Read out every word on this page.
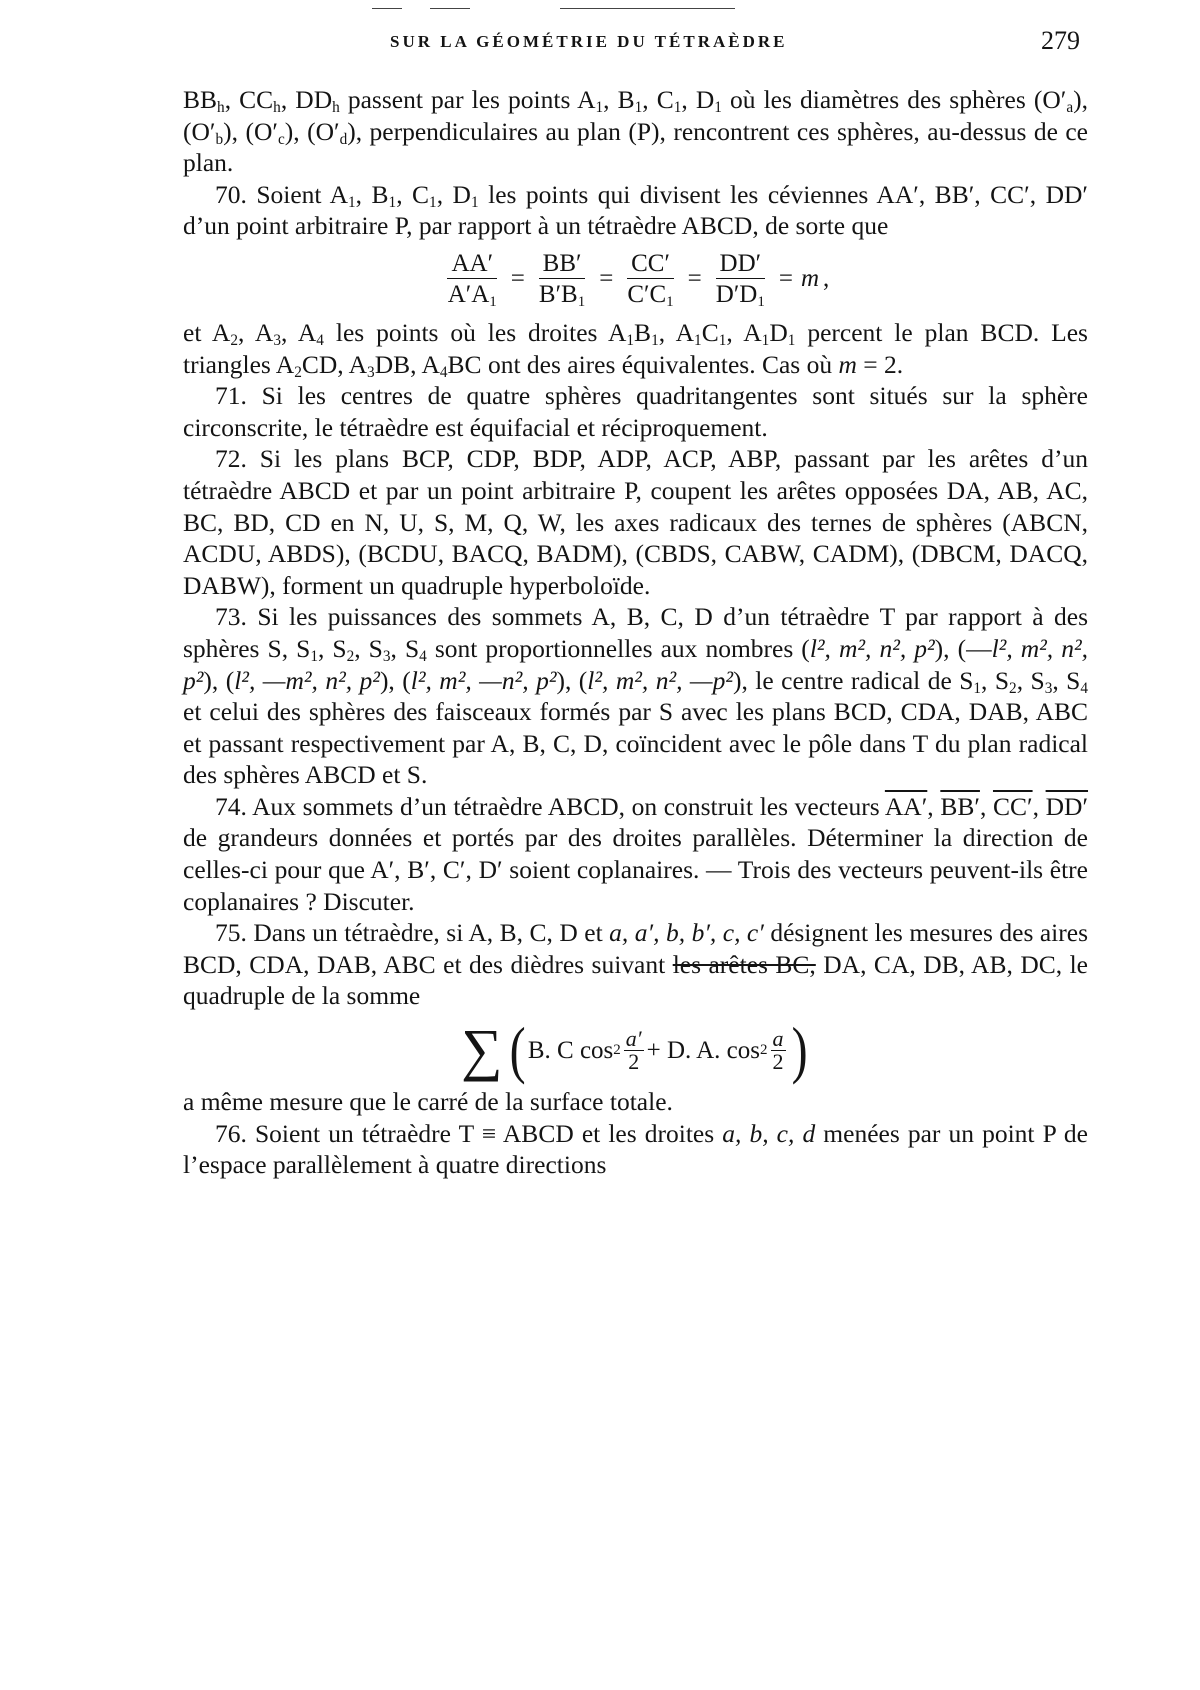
SUR LA GÉOMÉTRIE DU TÉTRAÈDRE	279

$BB_h$, $CC_h$, $DD_h$ passent par les points $A_1$, $B_1$, $C_1$, $D_1$ où les diamètres des sphères $(O'_a)$, $(O'_b)$, $(O'_c)$, $(O'_d)$, perpendiculaires au plan (P), rencontrent ces sphères, au-dessus de ce plan.

70. Soient $A_1$, $B_1$, $C_1$, $D_1$ les points qui divisent les céviennes AA′, BB′, CC′, DD′ d’un point arbitraire P, par rapport à un tétraèdre ABCD, de sorte que

$\frac{AA'}{A'A_1} = \frac{BB'}{B'B_1} = \frac{CC'}{C'C_1} = \frac{DD'}{D'D_1} = m$ ,

et $A_2$, $A_3$, $A_4$ les points où les droites $A_1B_1$, $A_1C_1$, $A_1D_1$ percent le plan BCD. Les triangles $A_2CD$, $A_3DB$, $A_4BC$ ont des aires équivalentes. Cas où m = 2.

71. Si les centres de quatre sphères quadritangentes sont situés sur la sphère circonscrite, le tétraèdre est équifacial et réciproquement.

72. Si les plans BCP, CDP, BDP, ADP, ACP, ABP, passant par les arêtes d’un tétraèdre ABCD et par un point arbitraire P, coupent les arêtes opposées DA, AB, AC, BC, BD, CD en N, U, S, M, Q, W, les axes radicaux des ternes de sphères (ABCN, ACDU, ABDS), (BCDU, BACQ, BADM), (CBDS, CABW, CADM), (DBCM, DACQ, DABW), forment un quadruple hyperboloïde.

73. Si les puissances des sommets A, B, C, D d’un tétraèdre T par rapport à des sphères S, $S_1$, $S_2$, $S_3$, $S_4$ sont proportionnelles aux nombres (l², m², n², p²), (—l², m², n², p²), (l², —m², n², p²), (l², m², —n², p²), (l², m², n², —p²), le centre radical de $S_1$, $S_2$, $S_3$, $S_4$ et celui des sphères des faisceaux formés par S avec les plans BCD, CDA, DAB, ABC et passant respectivement par A, B, C, D, coïncident avec le pôle dans T du plan radical des sphères ABCD et S.

74. Aux sommets d’un tétraèdre ABCD, on construit les vecteurs AA′, BB′, CC′, DD′ de grandeurs données et portés par des droites parallèles. Déterminer la direction de celles-ci pour que A′, B′, C′, D′ soient coplanaires. — Trois des vecteurs peuvent-ils être coplanaires ? Discuter.

75. Dans un tétraèdre, si A, B, C, D et a, a′, b, b′, c, c′ désignent les mesures des aires BCD, CDA, DAB, ABC et des dièdres suivant les arêtes BC, DA, CA, DB, AB, DC, le quadruple de la somme

∑ ( B. C $\cos 2 \frac{a'}{2} + D$. A. $\cos 2 \frac{a}{2}$ )

a même mesure que le carré de la surface totale.

76. Soient un tétraèdre T ≡ ABCD et les droites a, b, c, d menées par un point P de l’espace parallèlement à quatre directions
